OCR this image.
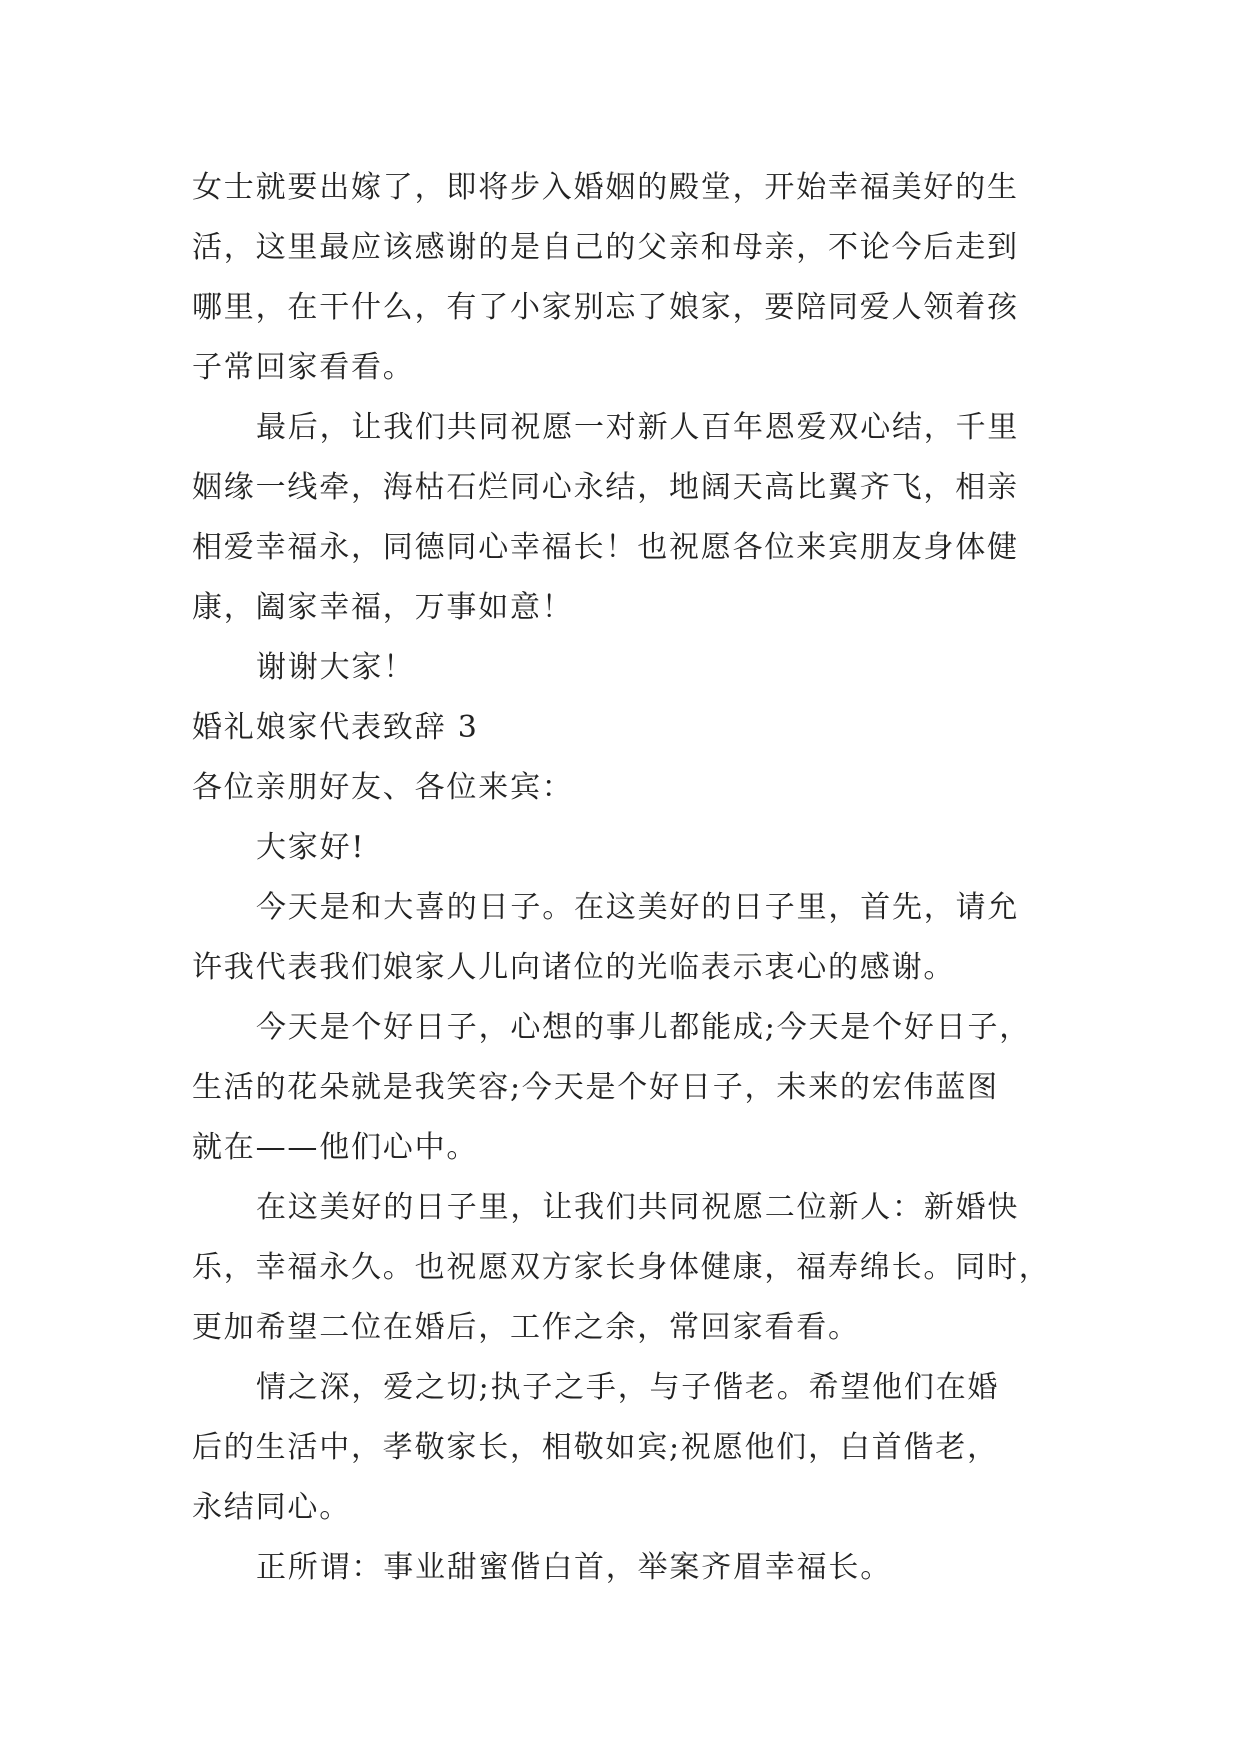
女士就要出嫁了，即将步入婚姻的殿堂，开始幸福美好的生
活，这里最应该感谢的是自己的父亲和母亲，不论今后走到
哪里，在干什么，有了小家别忘了娘家，要陪同爱人领着孩
子常回家看看。
最后，让我们共同祝愿一对新人百年恩爱双心结，千里
姻缘一线牵，海枯石烂同心永结，地阔天高比翼齐飞，相亲
相爱幸福永，同德同心幸福长！也祝愿各位来宾朋友身体健
康，阖家幸福，万事如意！
谢谢大家！
婚礼娘家代表致辞 3
各位亲朋好友、各位来宾：
大家好!
今天是和大喜的日子。在这美好的日子里，首先，请允
许我代表我们娘家人儿向诸位的光临表示衷心的感谢。
今天是个好日子，心想的事儿都能成;今天是个好日子，
生活的花朵就是我笑容;今天是个好日子，未来的宏伟蓝图
就在——他们心中。
在这美好的日子里，让我们共同祝愿二位新人：新婚快
乐，幸福永久。也祝愿双方家长身体健康，福寿绵长。同时，
更加希望二位在婚后，工作之余，常回家看看。
情之深，爱之切;执子之手，与子偕老。希望他们在婚
后的生活中，孝敬家长，相敬如宾;祝愿他们，白首偕老，
永结同心。
正所谓：事业甜蜜偕白首，举案齐眉幸福长。
